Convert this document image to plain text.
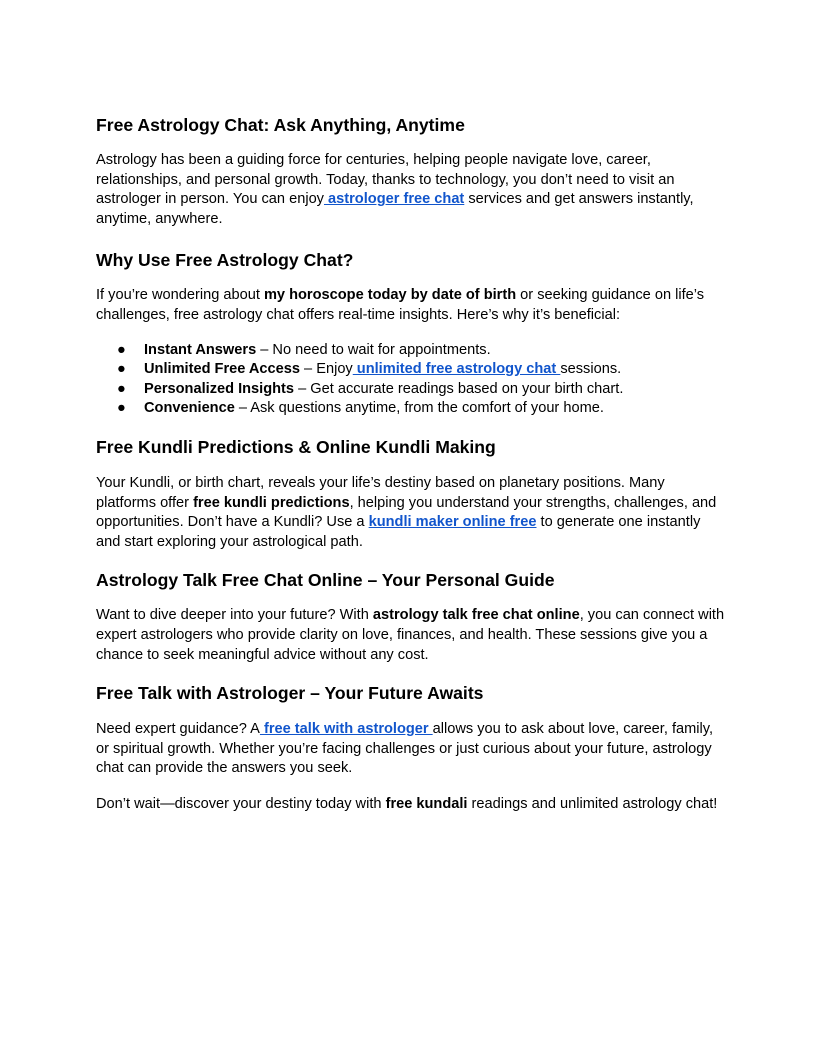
Free Astrology Chat: Ask Anything, Anytime

Astrology has been a guiding force for centuries, helping people navigate love, career, relationships, and personal growth. Today, thanks to technology, you don’t need to visit an astrologer in person. You can enjoy astrologer free chat services and get answers instantly, anytime, anywhere.

Why Use Free Astrology Chat?

If you’re wondering about my horoscope today by date of birth or seeking guidance on life’s challenges, free astrology chat offers real-time insights. Here’s why it’s beneficial:

● Instant Answers – No need to wait for appointments.
● Unlimited Free Access – Enjoy unlimited free astrology chat sessions.
● Personalized Insights – Get accurate readings based on your birth chart.
● Convenience – Ask questions anytime, from the comfort of your home.
Free Kundli Predictions & Online Kundli Making

Your Kundli, or birth chart, reveals your life’s destiny based on planetary positions. Many platforms offer free kundli predictions, helping you understand your strengths, challenges, and opportunities. Don’t have a Kundli? Use a kundli maker online free to generate one instantly and start exploring your astrological path.

Astrology Talk Free Chat Online – Your Personal Guide

Want to dive deeper into your future? With astrology talk free chat online, you can connect with expert astrologers who provide clarity on love, finances, and health. These sessions give you a chance to seek meaningful advice without any cost.

Free Talk with Astrologer – Your Future Awaits

Need expert guidance? A free talk with astrologer allows you to ask about love, career, family, or spiritual growth. Whether you’re facing challenges or just curious about your future, astrology chat can provide the answers you seek.

Don’t wait—discover your destiny today with free kundali readings and unlimited astrology chat!
